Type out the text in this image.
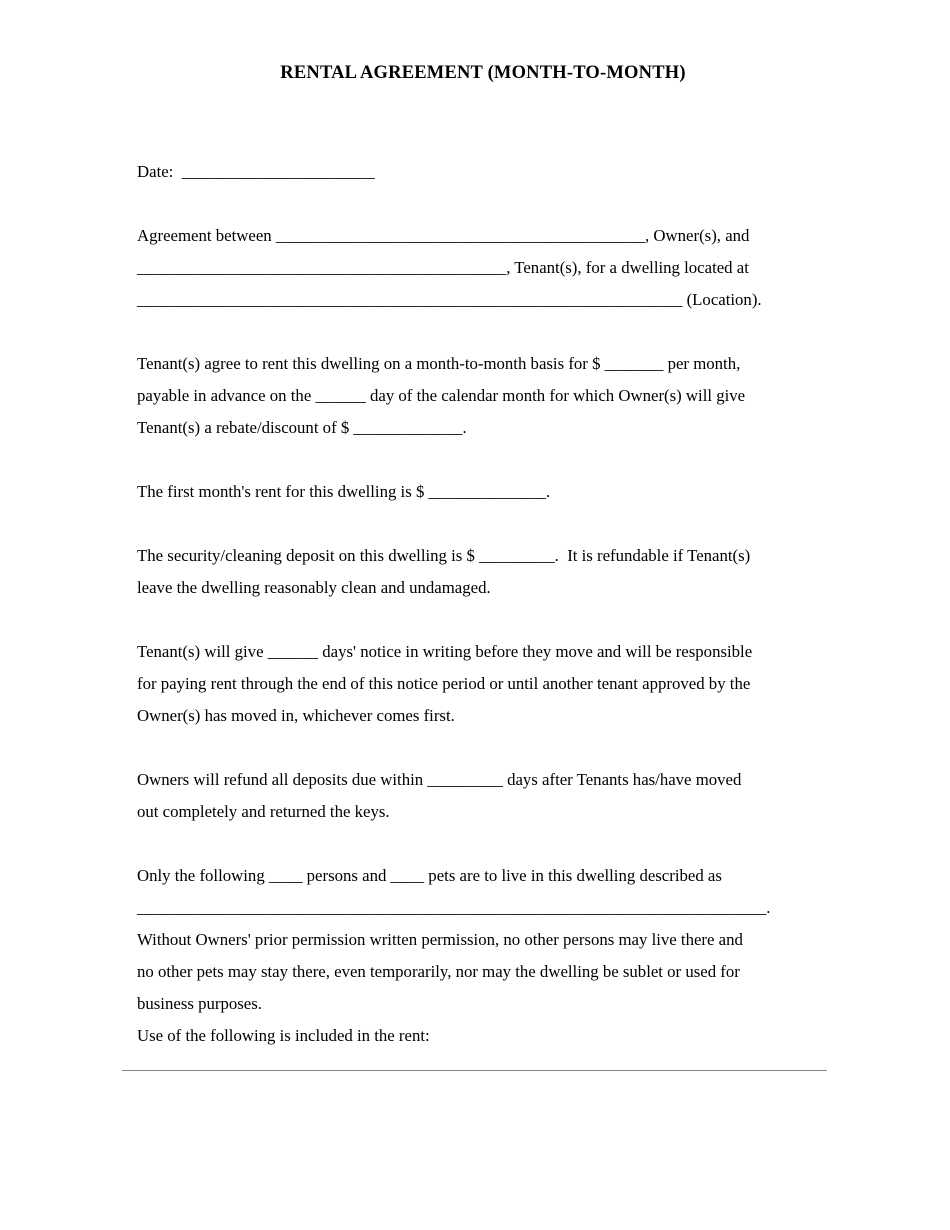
RENTAL AGREEMENT (MONTH-TO-MONTH)
Date:  _______________________
Agreement between ____________________________________________, Owner(s), and
____________________________________________, Tenant(s), for a dwelling located at
_________________________________________________________________ (Location).
Tenant(s) agree to rent this dwelling on a month-to-month basis for $ _______ per month,
payable in advance on the ______ day of the calendar month for which Owner(s) will give
Tenant(s) a rebate/discount of $ _____________.
The first month's rent for this dwelling is $ ______________.
The security/cleaning deposit on this dwelling is $ _________.  It is refundable if Tenant(s)
leave the dwelling reasonably clean and undamaged.
Tenant(s) will give ______ days' notice in writing before they move and will be responsible
for paying rent through the end of this notice period or until another tenant approved by the
Owner(s) has moved in, whichever comes first.
Owners will refund all deposits due within _________ days after Tenants has/have moved
out completely and returned the keys.
Only the following ____ persons and ____ pets are to live in this dwelling described as
___________________________________________________________________________.
Without Owners' prior permission written permission, no other persons may live there and
no other pets may stay there, even temporarily, nor may the dwelling be sublet or used for
business purposes.
Use of the following is included in the rent:
____________________________________________________________________________________
